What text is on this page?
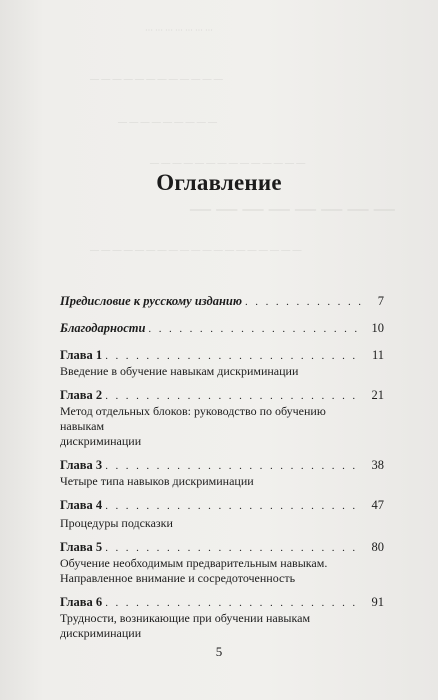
··· ··· ··· ··· ··· ··· ···
— — — — — — — — — — — —
— — — — — — — — —
— — — — — — — — — — — — — —
— — — — — — — —
— — — — — — — — — — — — — — — — — — —
Оглавление
Предисловие к русскому изданию . . .	7
Благодарности . . .	10
Глава 1 . . .	11
Введение в обучение навыкам дискриминации
Глава 2 . . .	21
Метод отдельных блоков: руководство по обучению навыкам
дискриминации
Глава 3 . . .	38
Четыре типа навыков дискриминации
Глава 4 . . .	47
Процедуры подсказки
Глава 5 . . .	80
Обучение необходимым предварительным навыкам.
Направленное внимание и сосредоточенность
Глава 6 . . .	91
Трудности, возникающие при обучении навыкам дискриминации
5
